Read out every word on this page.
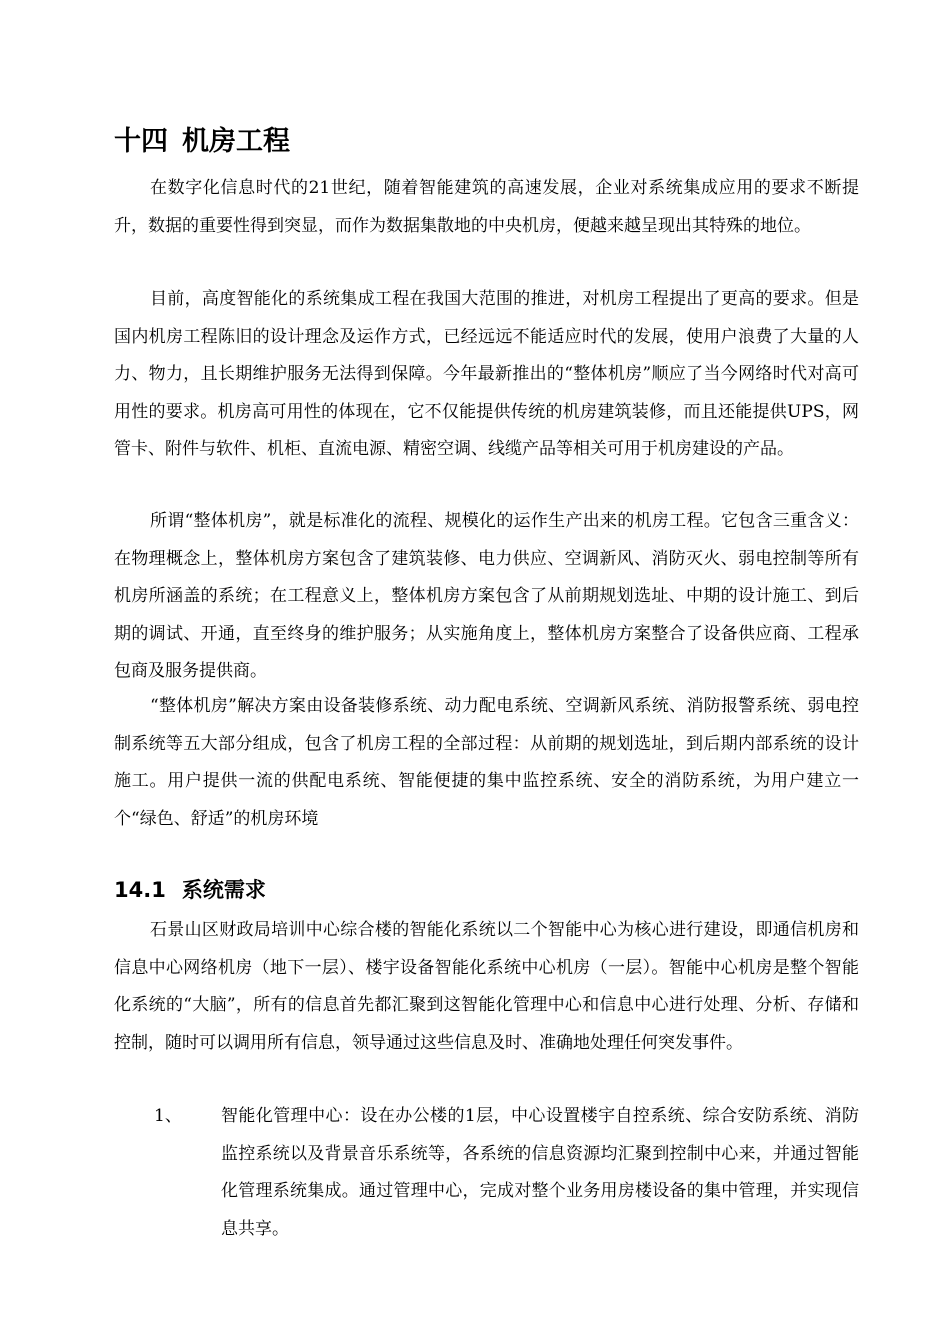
十四 机房工程

在数字化信息时代的21世纪，随着智能建筑的高速发展，企业对系统集成应用的要求不断提升，数据的重要性得到突显，而作为数据集散地的中央机房，便越来越呈现出其特殊的地位。

目前，高度智能化的系统集成工程在我国大范围的推进，对机房工程提出了更高的要求。但是国内机房工程陈旧的设计理念及运作方式，已经远远不能适应时代的发展，使用户浪费了大量的人力、物力，且长期维护服务无法得到保障。今年最新推出的“整体机房”顺应了当今网络时代对高可用性的要求。机房高可用性的体现在，它不仅能提供传统的机房建筑装修，而且还能提供UPS，网管卡、附件与软件、机柜、直流电源、精密空调、线缆产品等相关可用于机房建设的产品。

所谓“整体机房”，就是标准化的流程、规模化的运作生产出来的机房工程。它包含三重含义：在物理概念上，整体机房方案包含了建筑装修、电力供应、空调新风、消防灭火、弱电控制等所有机房所涵盖的系统；在工程意义上，整体机房方案包含了从前期规划选址、中期的设计施工、到后期的调试、开通，直至终身的维护服务；从实施角度上，整体机房方案整合了设备供应商、工程承包商及服务提供商。

“整体机房”解决方案由设备装修系统、动力配电系统、空调新风系统、消防报警系统、弱电控制系统等五大部分组成，包含了机房工程的全部过程：从前期的规划选址，到后期内部系统的设计施工。用户提供一流的供配电系统、智能便捷的集中监控系统、安全的消防系统，为用户建立一个“绿色、舒适”的机房环境

14.1 系统需求

石景山区财政局培训中心综合楼的智能化系统以二个智能中心为核心进行建设，即通信机房和信息中心网络机房（地下一层）、楼宇设备智能化系统中心机房（一层）。智能中心机房是整个智能化系统的“大脑”，所有的信息首先都汇聚到这智能化管理中心和信息中心进行处理、分析、存储和控制，随时可以调用所有信息，领导通过这些信息及时、准确地处理任何突发事件。

1、 智能化管理中心：设在办公楼的1层，中心设置楼宇自控系统、综合安防系统、消防监控系统以及背景音乐系统等，各系统的信息资源均汇聚到控制中心来，并通过智能化管理系统集成。通过管理中心，完成对整个业务用房楼设备的集中管理，并实现信息共享。
